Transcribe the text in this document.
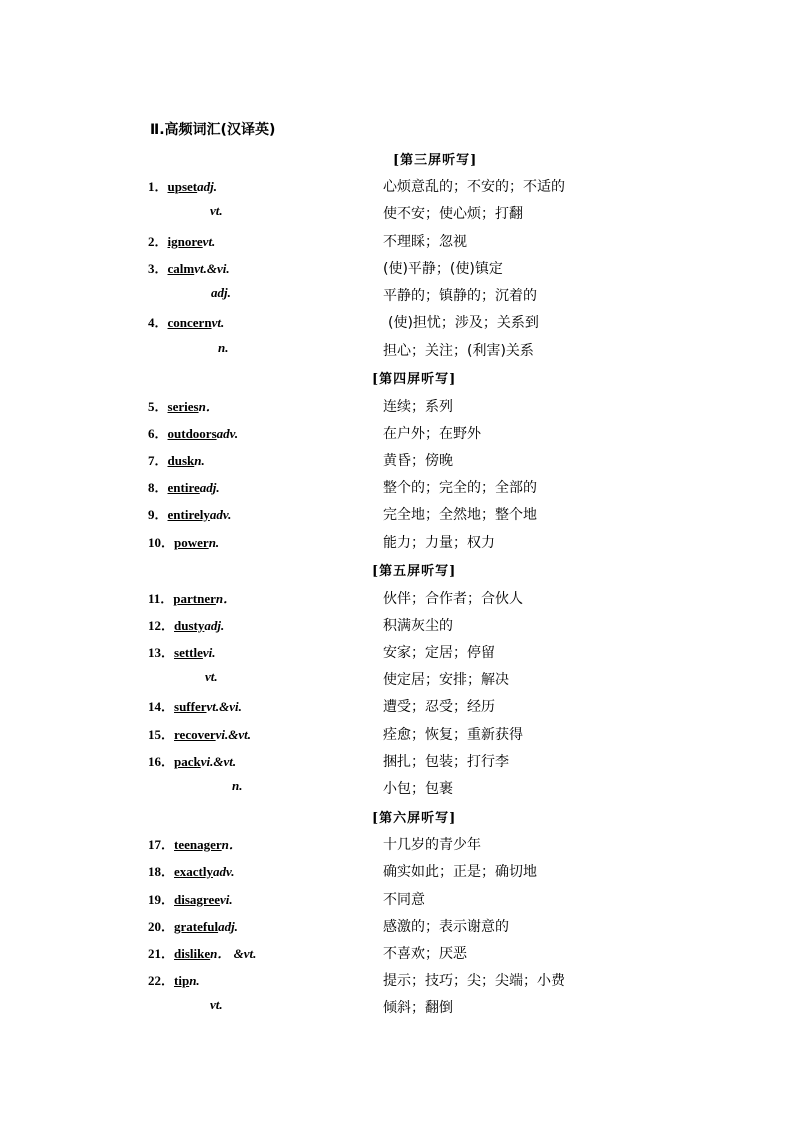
Ⅱ.高频词汇(汉译英)
[第三屏听写]
[第四屏听写]
[第五屏听写]
[第六屏听写]
1．upsetadj.	心烦意乱的；不安的；不适的
vt.	使不安；使心烦；打翻
2．ignorevt.	不理睬；忽视
3．calmvt.&vi.	(使)平静；(使)镇定
adj.	平静的；镇静的；沉着的
4．concernvt.	(使)担忧；涉及；关系到
n.	担心；关注；(利害)关系
5．seriesn．	连续；系列
6．outdoorsadv.	在户外；在野外
7．duskn.	黄昏；傍晚
8．entireadj.	整个的；完全的；全部的
9．entirelyadv.	完全地；全然地；整个地
10．powern.	能力；力量；权力
11．partnern．	伙伴；合作者；合伙人
12．dustyadj.	积满灰尘的
13．settlevi.	安家；定居；停留
vt.	使定居；安排；解决
14．suffervt.&vi.	遭受；忍受；经历
15．recovervi.&vt.	痊愈；恢复；重新获得
16．packvi.&vt.	捆扎；包装；打行李
n.	小包；包裹
17．teenagern．	十几岁的青少年
18．exactlyadv.	确实如此；正是；确切地
19．disagreevi.	不同意
20．gratefuladj.	感激的；表示谢意的
21．disliken． &vt.	不喜欢；厌恶
22．tipn.	提示；技巧；尖；尖端；小费
vt.	倾斜；翻倒
